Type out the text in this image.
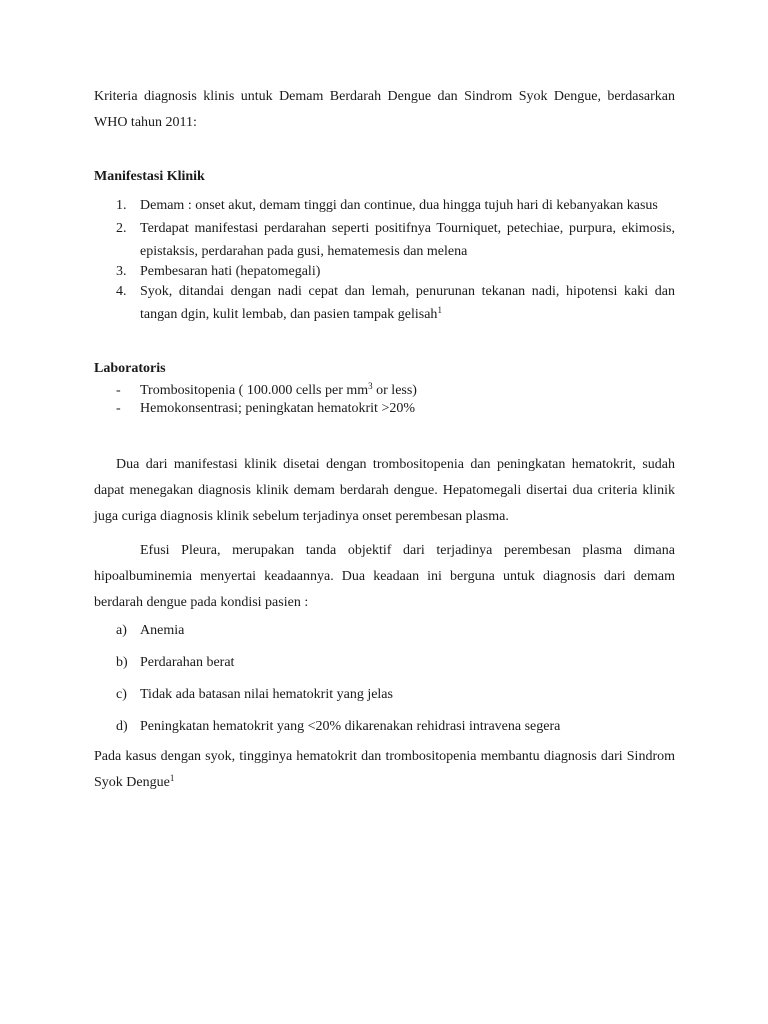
Kriteria diagnosis klinis untuk Demam Berdarah Dengue dan Sindrom Syok Dengue, berdasarkan WHO tahun 2011:

Manifestasi Klinik

1. Demam : onset akut, demam tinggi dan continue, dua hingga tujuh hari di kebanyakan kasus
2. Terdapat manifestasi perdarahan seperti positifnya Tourniquet, petechiae, purpura, ekimosis, epistaksis, perdarahan pada gusi, hematemesis dan melena
3. Pembesaran hati (hepatomegali)
4. Syok, ditandai dengan nadi cepat dan lemah, penurunan tekanan nadi, hipotensi kaki dan tangan dgin, kulit lembab, dan pasien tampak gelisah$^1$

Laboratoris

- Trombositopenia ( 100.000 cells per $mm^3$ or less)
- Hemokonsentrasi; peningkatan hematokrit >20%

Dua dari manifestasi klinik disetai dengan trombositopenia dan peningkatan hematokrit, sudah dapat menegakan diagnosis klinik demam berdarah dengue. Hepatomegali disertai dua criteria klinik juga curiga diagnosis klinik sebelum terjadinya onset perembesan plasma.

Efusi Pleura, merupakan tanda objektif dari terjadinya perembesan plasma dimana hipoalbuminemia menyertai keadaannya. Dua keadaan ini berguna untuk diagnosis dari demam berdarah dengue pada kondisi pasien :

a) Anemia
b) Perdarahan berat
c) Tidak ada batasan nilai hematokrit yang jelas
d) Peningkatan hematokrit yang <20% dikarenakan rehidrasi intravena segera

Pada kasus dengan syok, tingginya hematokrit dan trombositopenia membantu diagnosis dari Sindrom Syok Dengue$^1$
